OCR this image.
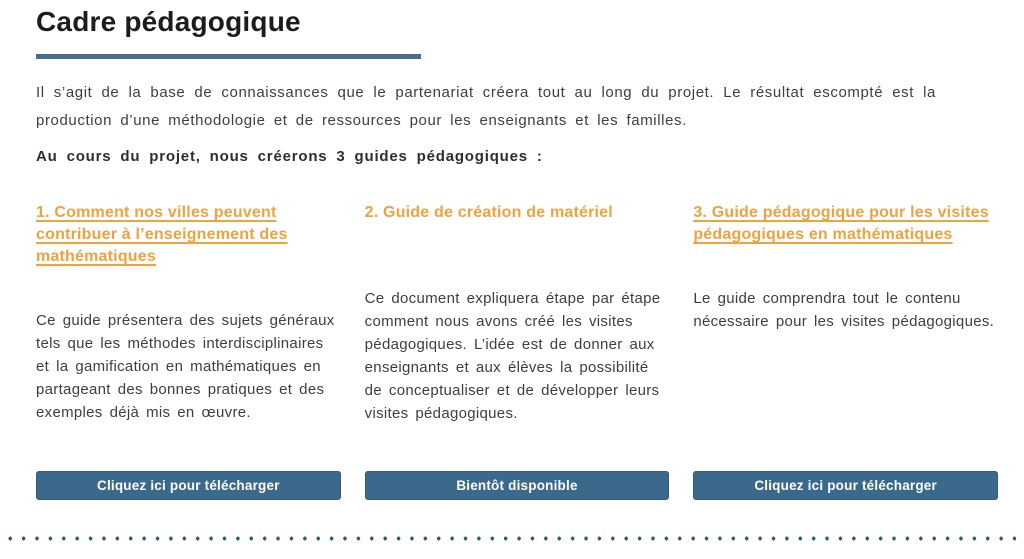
Cadre pédagogique

Il s’agit de la base de connaissances que le partenariat créera tout au long du projet. Le résultat escompté est la production d’une méthodologie et de ressources pour les enseignants et les familles.

Au cours du projet, nous créerons 3 guides pédagogiques :

1. Comment nos villes peuvent contribuer à l’enseignement des mathématiques

Ce guide présentera des sujets généraux tels que les méthodes interdisciplinaires et la gamification en mathématiques en partageant des bonnes pratiques et des exemples déjà mis en œuvre.

Cliquez ici pour télécharger
2. Guide de création de matériel

Ce document expliquera étape par étape comment nous avons créé les visites pédagogiques. L’idée est de donner aux enseignants et aux élèves la possibilité de conceptualiser et de développer leurs visites pédagogiques.

Bientôt disponible
3. Guide pédagogique pour les visites pédagogiques en mathématiques

Le guide comprendra tout le contenu nécessaire pour les visites pédagogiques.

Cliquez ici pour télécharger
